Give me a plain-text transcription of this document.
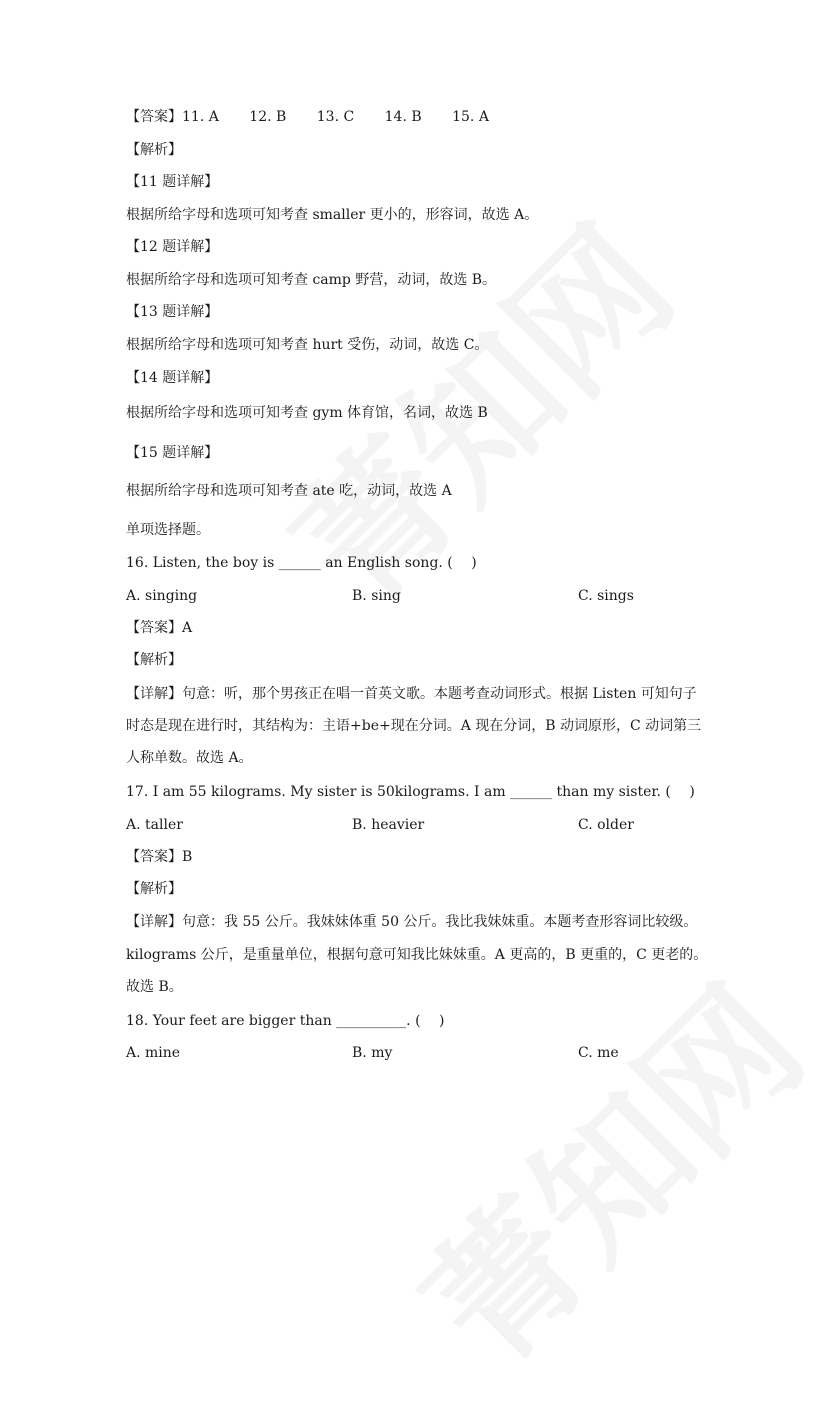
【答案】11. A 12. B 13. C 14. B 15. A
【解析】
【11 题详解】
根据所给字母和选项可知考查 smaller 更小的，形容词，故选 A。
【12 题详解】
根据所给字母和选项可知考查 camp 野营，动词，故选 B。
【13 题详解】
根据所给字母和选项可知考查 hurt 受伤，动词，故选 C。
【14 题详解】
根据所给字母和选项可知考查 gym 体育馆，名词，故选 B
【15 题详解】
根据所给字母和选项可知考查 ate 吃，动词，故选 A
单项选择题。
16. Listen, the boy is ______ an English song. (　 )
A. singing	B. sing	C. sings
【答案】A
【解析】
【详解】句意：听，那个男孩正在唱一首英文歌。本题考查动词形式。根据 Listen 可知句子
时态是现在进行时，其结构为：主语+be+现在分词。A 现在分词，B 动词原形，C 动词第三
人称单数。故选 A。
17. I am 55 kilograms. My sister is 50kilograms. I am ______ than my sister. (　 )
A. taller	B. heavier	C. older
【答案】B
【解析】
【详解】句意：我 55 公斤。我妹妹体重 50 公斤。我比我妹妹重。本题考查形容词比较级。
kilograms 公斤，是重量单位，根据句意可知我比妹妹重。A 更高的，B 更重的，C 更老的。
故选 B。
18. Your feet are bigger than __________. (　 )
A. mine	B. my	C. me
